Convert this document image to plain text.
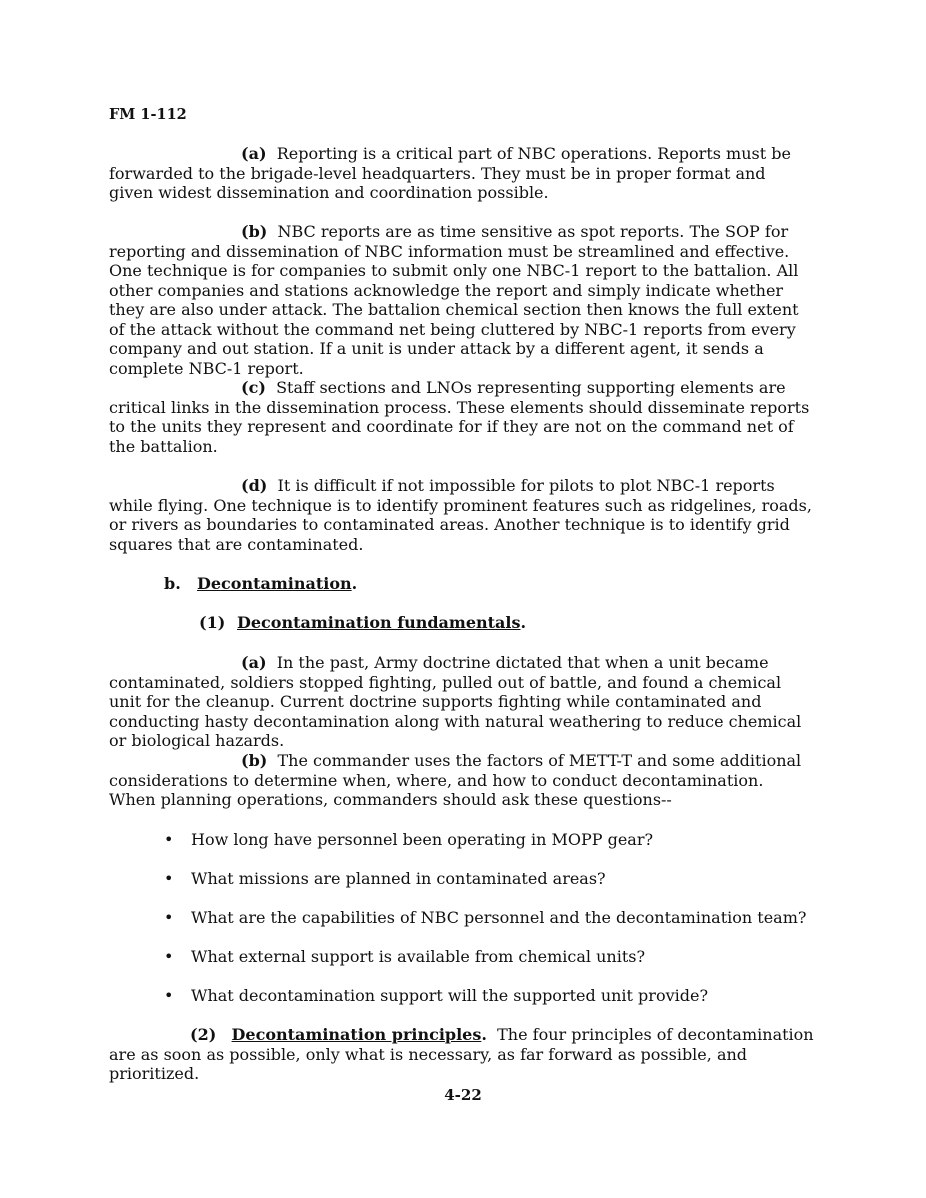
FM 1-112
(a) Reporting is a critical part of NBC operations. Reports must be forwarded to the brigade-level headquarters. They must be in proper format and given widest dissemination and coordination possible.
(b) NBC reports are as time sensitive as spot reports. The SOP for reporting and dissemination of NBC information must be streamlined and effective. One technique is for companies to submit only one NBC-1 report to the battalion. All other companies and stations acknowledge the report and simply indicate whether they are also under attack. The battalion chemical section then knows the full extent of the attack without the command net being cluttered by NBC-1 reports from every company and out station. If a unit is under attack by a different agent, it sends a complete NBC-1 report.
(c) Staff sections and LNOs representing supporting elements are critical links in the dissemination process. These elements should disseminate reports to the units they represent and coordinate for if they are not on the command net of the battalion.
(d) It is difficult if not impossible for pilots to plot NBC-1 reports while flying. One technique is to identify prominent features such as ridgelines, roads, or rivers as boundaries to contaminated areas. Another technique is to identify grid squares that are contaminated.
b. Decontamination.
(1) Decontamination fundamentals.
(a) In the past, Army doctrine dictated that when a unit became contaminated, soldiers stopped fighting, pulled out of battle, and found a chemical unit for the cleanup. Current doctrine supports fighting while contaminated and conducting hasty decontamination along with natural weathering to reduce chemical or biological hazards.
(b) The commander uses the factors of METT-T and some additional considerations to determine when, where, and how to conduct decontamination. When planning operations, commanders should ask these questions--
• How long have personnel been operating in MOPP gear?
• What missions are planned in contaminated areas?
• What are the capabilities of NBC personnel and the decontamination team?
• What external support is available from chemical units?
• What decontamination support will the supported unit provide?
(2) Decontamination principles. The four principles of decontamination are as soon as possible, only what is necessary, as far forward as possible, and prioritized.
4-22
